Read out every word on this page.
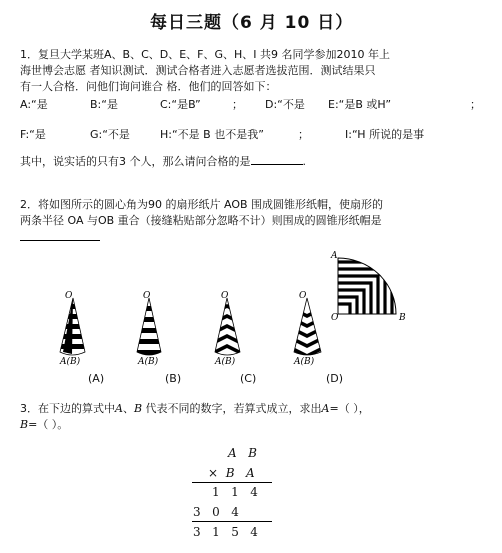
每日三题（6 月 10 日）
1．复旦大学某班A、B、C、D、E、F、G、H、I 共9 名同学参加2010 年上
海世博会志愿 者知识测试．测试合格者进入志愿者选拔范围．测试结果只
有一人合格．问他们询问谁合 格．他们的回答如下：
A:“是	B:“是	C:“是B”	； D:“不是 E:“是B 或H”	；
F:“是	G:“不是	H:“不是 B 也不是我”	；	I:“H 所说的是事
其中，说实话的只有3 个人，那么请问合格的是	.
2．将如图所示的圆心角为90 的扇形纸片 AOB 围成圆锥形纸帽，使扇形的
两条半径 OA 与OB 重合（接缝粘贴部分忽略不计）则围成的圆锥形纸帽是
A
O	B
O
A(B)
O
A(B)
O
A(B)
O
A(B)
(A)	(B)	(C)	(D)
3．在下边的算式中A、B 代表不同的数字，若算式成立，求出A=（ ），
B=（ ）。
A B
× B A
1 1 4
3 0 4
3 1 5 4
